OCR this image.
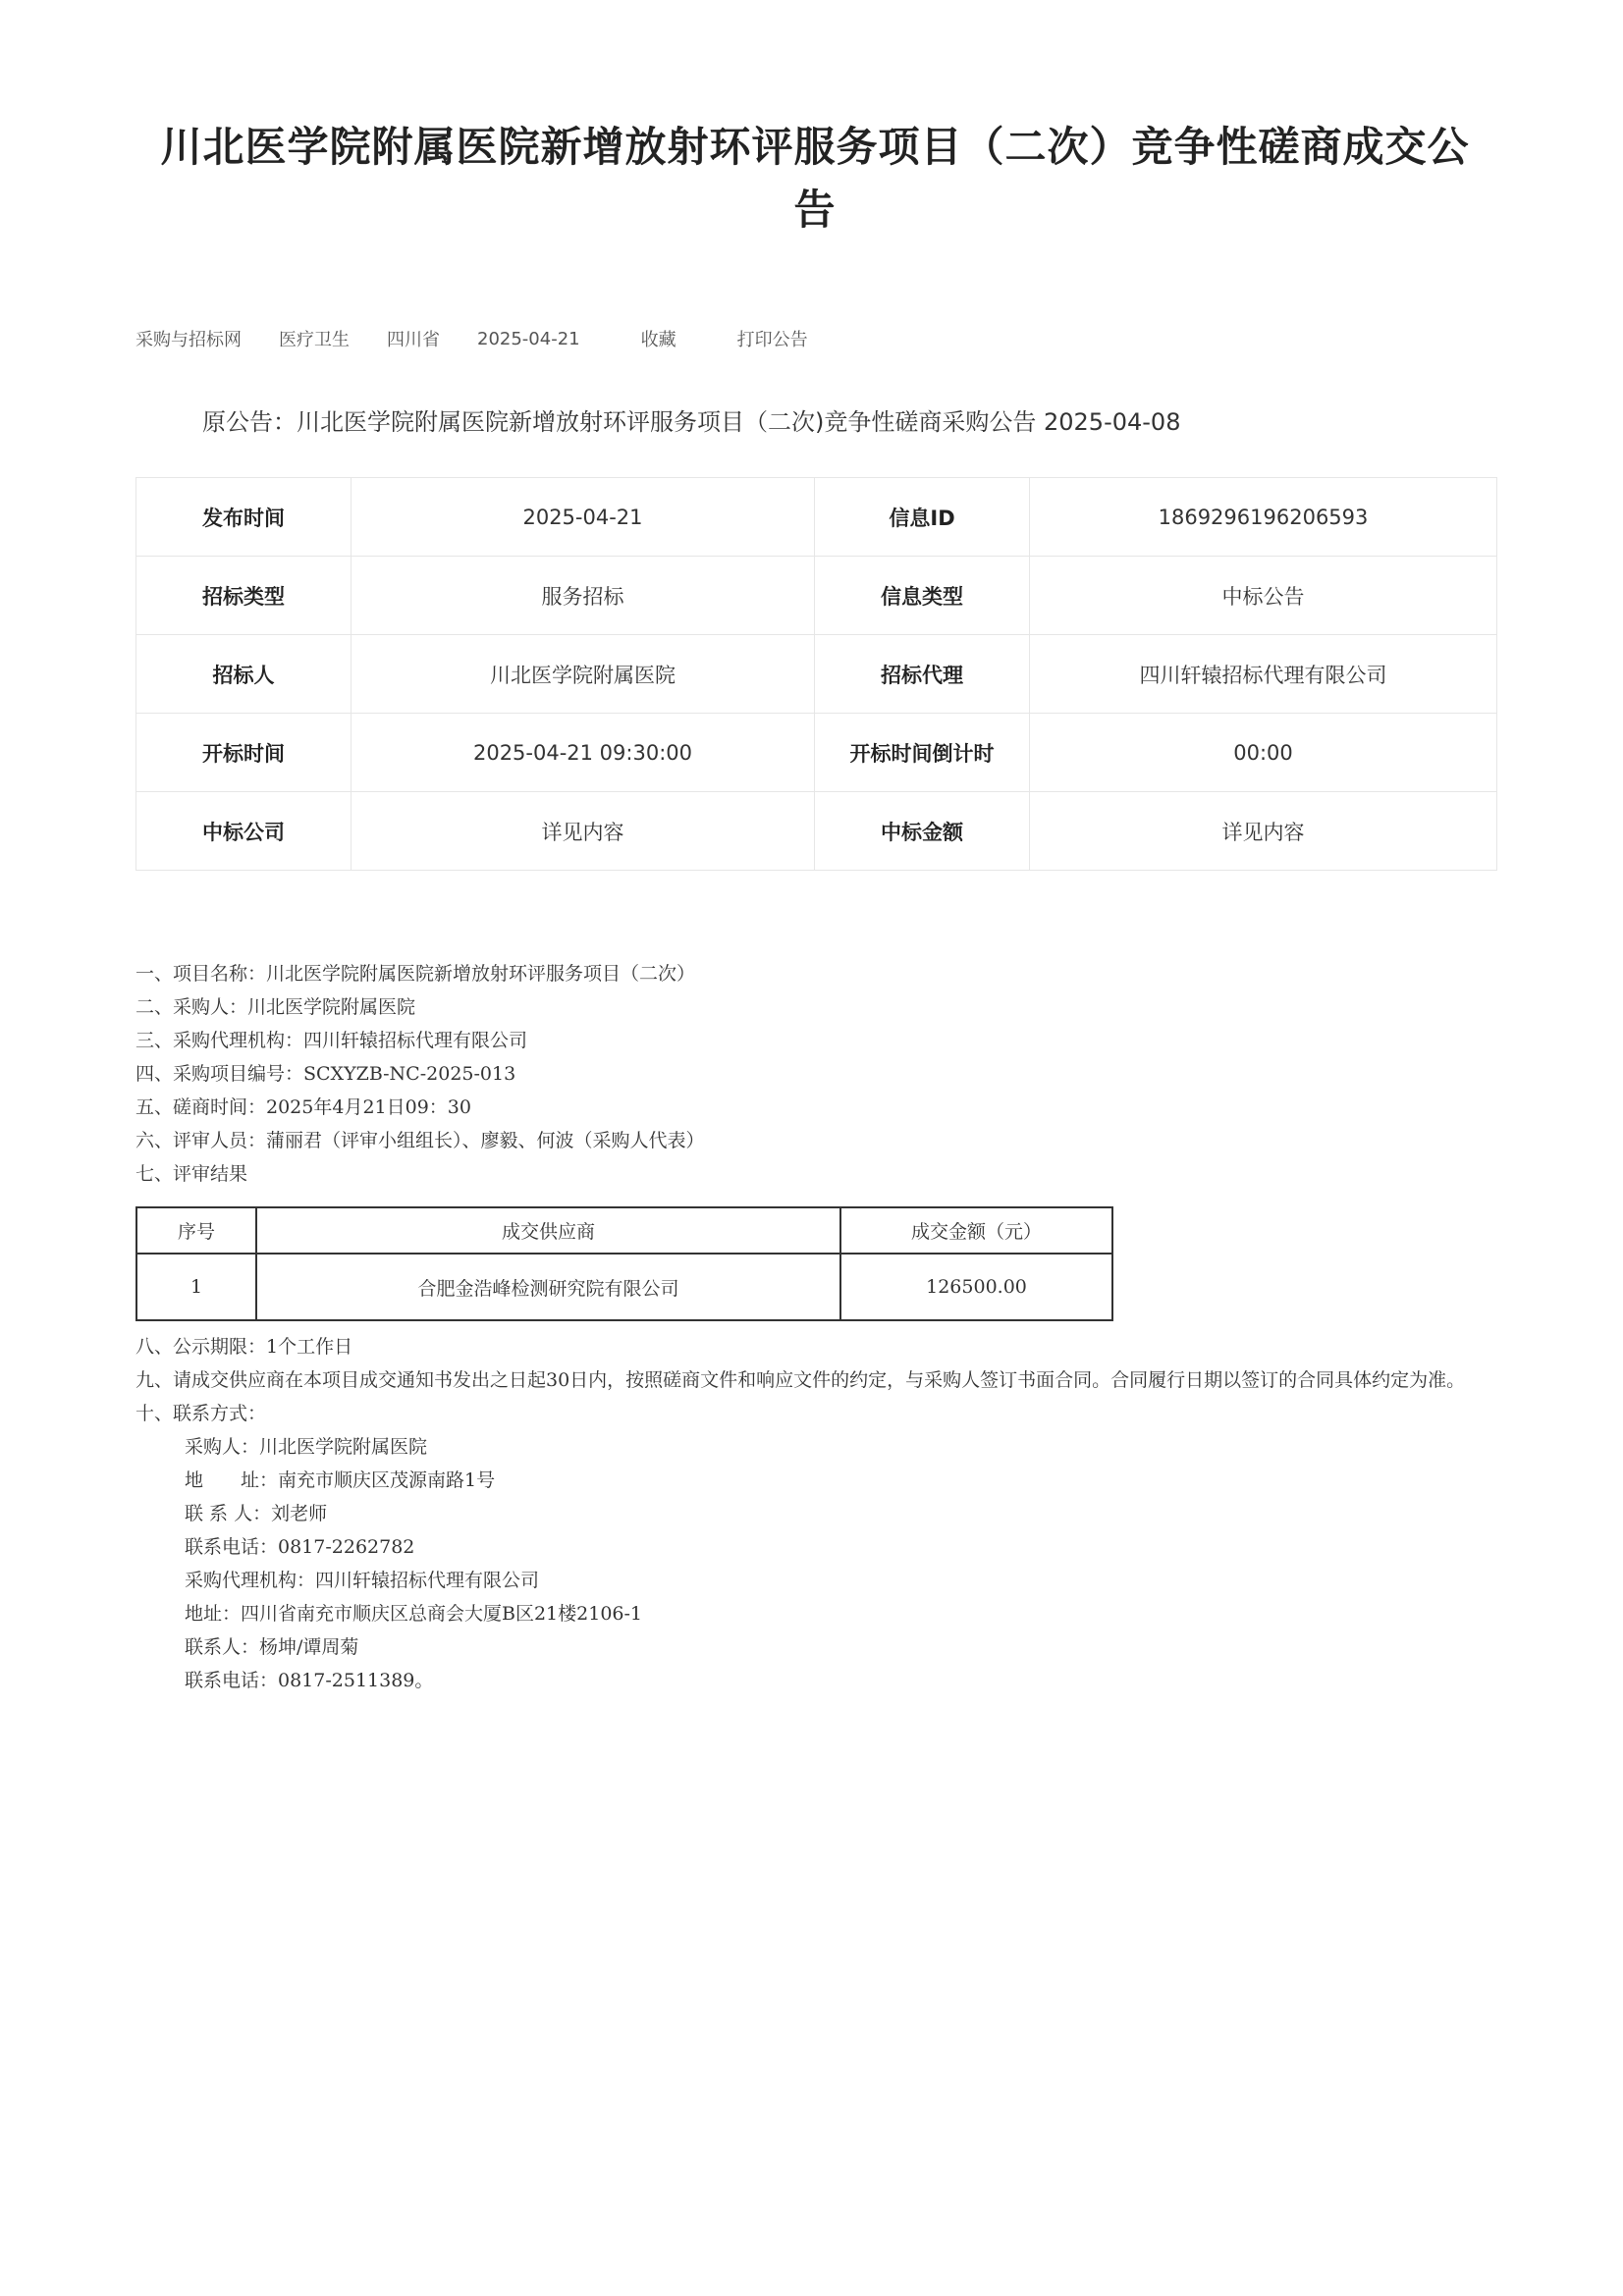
川北医学院附属医院新增放射环评服务项目（二次）竞争性磋商成交公
告
采购与招标网 医疗卫生 四川省 2025-04-21	收藏	打印公告
原公告：川北医学院附属医院新增放射环评服务项目（二次)竞争性磋商采购公告 2025-04-08
发布时间	2025-04-21	信息ID	1869296196206593
招标类型	服务招标	信息类型	中标公告
招标人	川北医学院附属医院	招标代理	四川轩辕招标代理有限公司
开标时间	2025-04-21 09:30:00	开标时间倒计时	00:00
中标公司	详见内容	中标金额	详见内容

一、项目名称：川北医学院附属医院新增放射环评服务项目（二次）

二、采购人：川北医学院附属医院

三、采购代理机构：四川轩辕招标代理有限公司

四、采购项目编号：SCXYZB-NC-2025-013

五、磋商时间：2025年4月21日09：30

六、评审人员：蒲丽君（评审小组组长）、廖毅、何波（采购人代表）

七、评审结果

序号	成交供应商	成交金额（元）
1	合肥金浩峰检测研究院有限公司	126500.00

八、公示期限：1个工作日

九、请成交供应商在本项目成交通知书发出之日起30日内，按照磋商文件和响应文件的约定，与采购人签订书面合同。合同履行日期以签订的合同具体约定为准。

十、联系方式：

采购人：川北医学院附属医院

地　　址：南充市顺庆区茂源南路1号

联 系 人：刘老师

联系电话：0817-2262782

采购代理机构：四川轩辕招标代理有限公司

地址：四川省南充市顺庆区总商会大厦B区21楼2106-1

联系人：杨坤/谭周菊

联系电话：0817-2511389。
